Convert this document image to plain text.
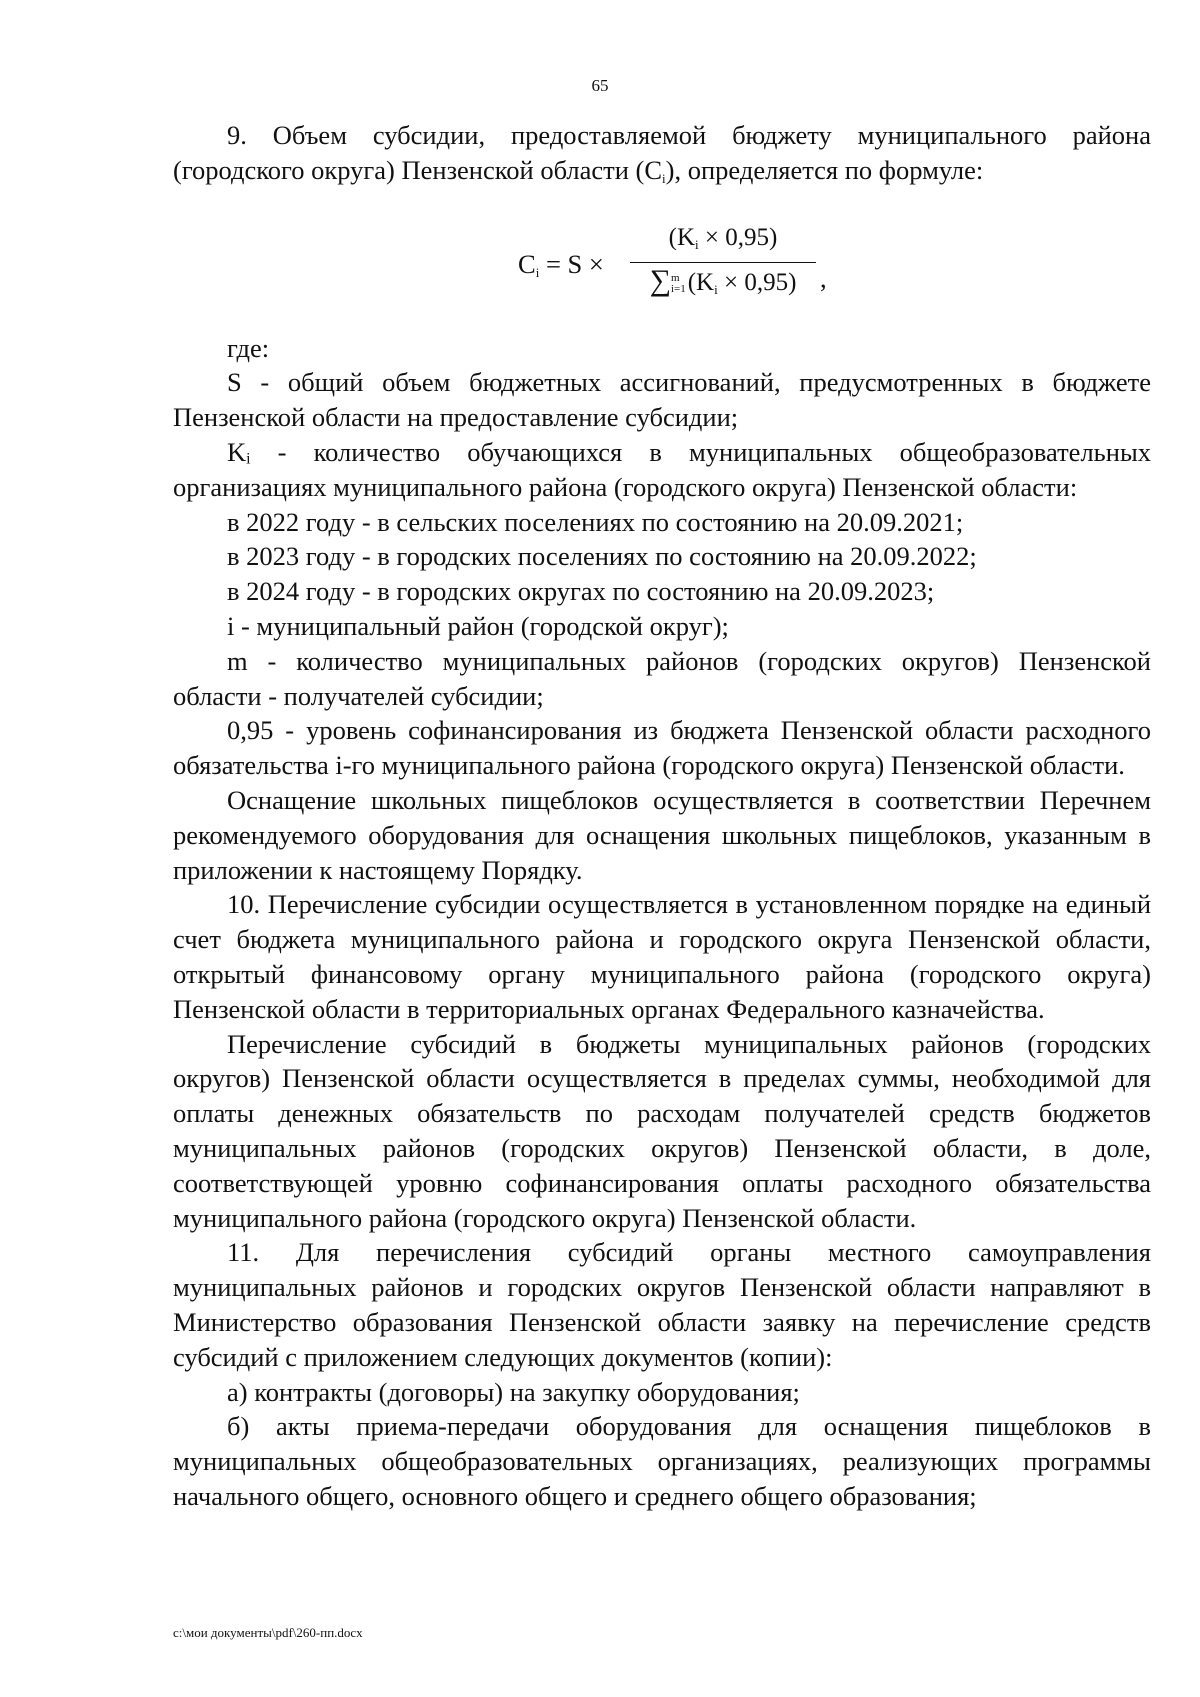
65

9. Объем субсидии, предоставляемой бюджету муниципального района (городского округа) Пензенской области $(C_i)$, определяется по формуле:

$C_i = S$ ×
$(K_i \times 0,95)$
∑m
$i=1(K_i \times 0,95)$ ,

где:

S - общий объем бюджетных ассигнований, предусмотренных в бюджете Пензенской области на предоставление субсидии;

Kᵢ - количество обучающихся в муниципальных общеобразовательных организациях муниципального района (городского округа) Пензенской области:

в 2022 году - в сельских поселениях по состоянию на 20.09.2021;

в 2023 году - в городских поселениях по состоянию на 20.09.2022;

в 2024 году - в городских округах по состоянию на 20.09.2023;

i - муниципальный район (городской округ);

m - количество муниципальных районов (городских округов) Пензенской области - получателей субсидии;

0,95 - уровень софинансирования из бюджета Пензенской области расходного обязательства i-го муниципального района (городского округа) Пензенской области.

Оснащение школьных пищеблоков осуществляется в соответствии Перечнем рекомендуемого оборудования для оснащения школьных пищеблоков, указанным в приложении к настоящему Порядку.

10. Перечисление субсидии осуществляется в установленном порядке на единый счет бюджета муниципального района и городского округа Пензенской области, открытый финансовому органу муниципального района (городского округа) Пензенской области в территориальных органах Федерального казначейства.

Перечисление субсидий в бюджеты муниципальных районов (городских округов) Пензенской области осуществляется в пределах суммы, необходимой для оплаты денежных обязательств по расходам получателей средств бюджетов муниципальных районов (городских округов) Пензенской области, в доле, соответствующей уровню софинансирования оплаты расходного обязательства муниципального района (городского округа) Пензенской области.

11. Для перечисления субсидий органы местного самоуправления муниципальных районов и городских округов Пензенской области направляют в Министерство образования Пензенской области заявку на перечисление средств субсидий с приложением следующих документов (копии):

а) контракты (договоры) на закупку оборудования;

б) акты приема-передачи оборудования для оснащения пищеблоков в муниципальных общеобразовательных организациях, реализующих программы начального общего, основного общего и среднего общего образования;

c:\мои документы\pdf\260-пп.docx
